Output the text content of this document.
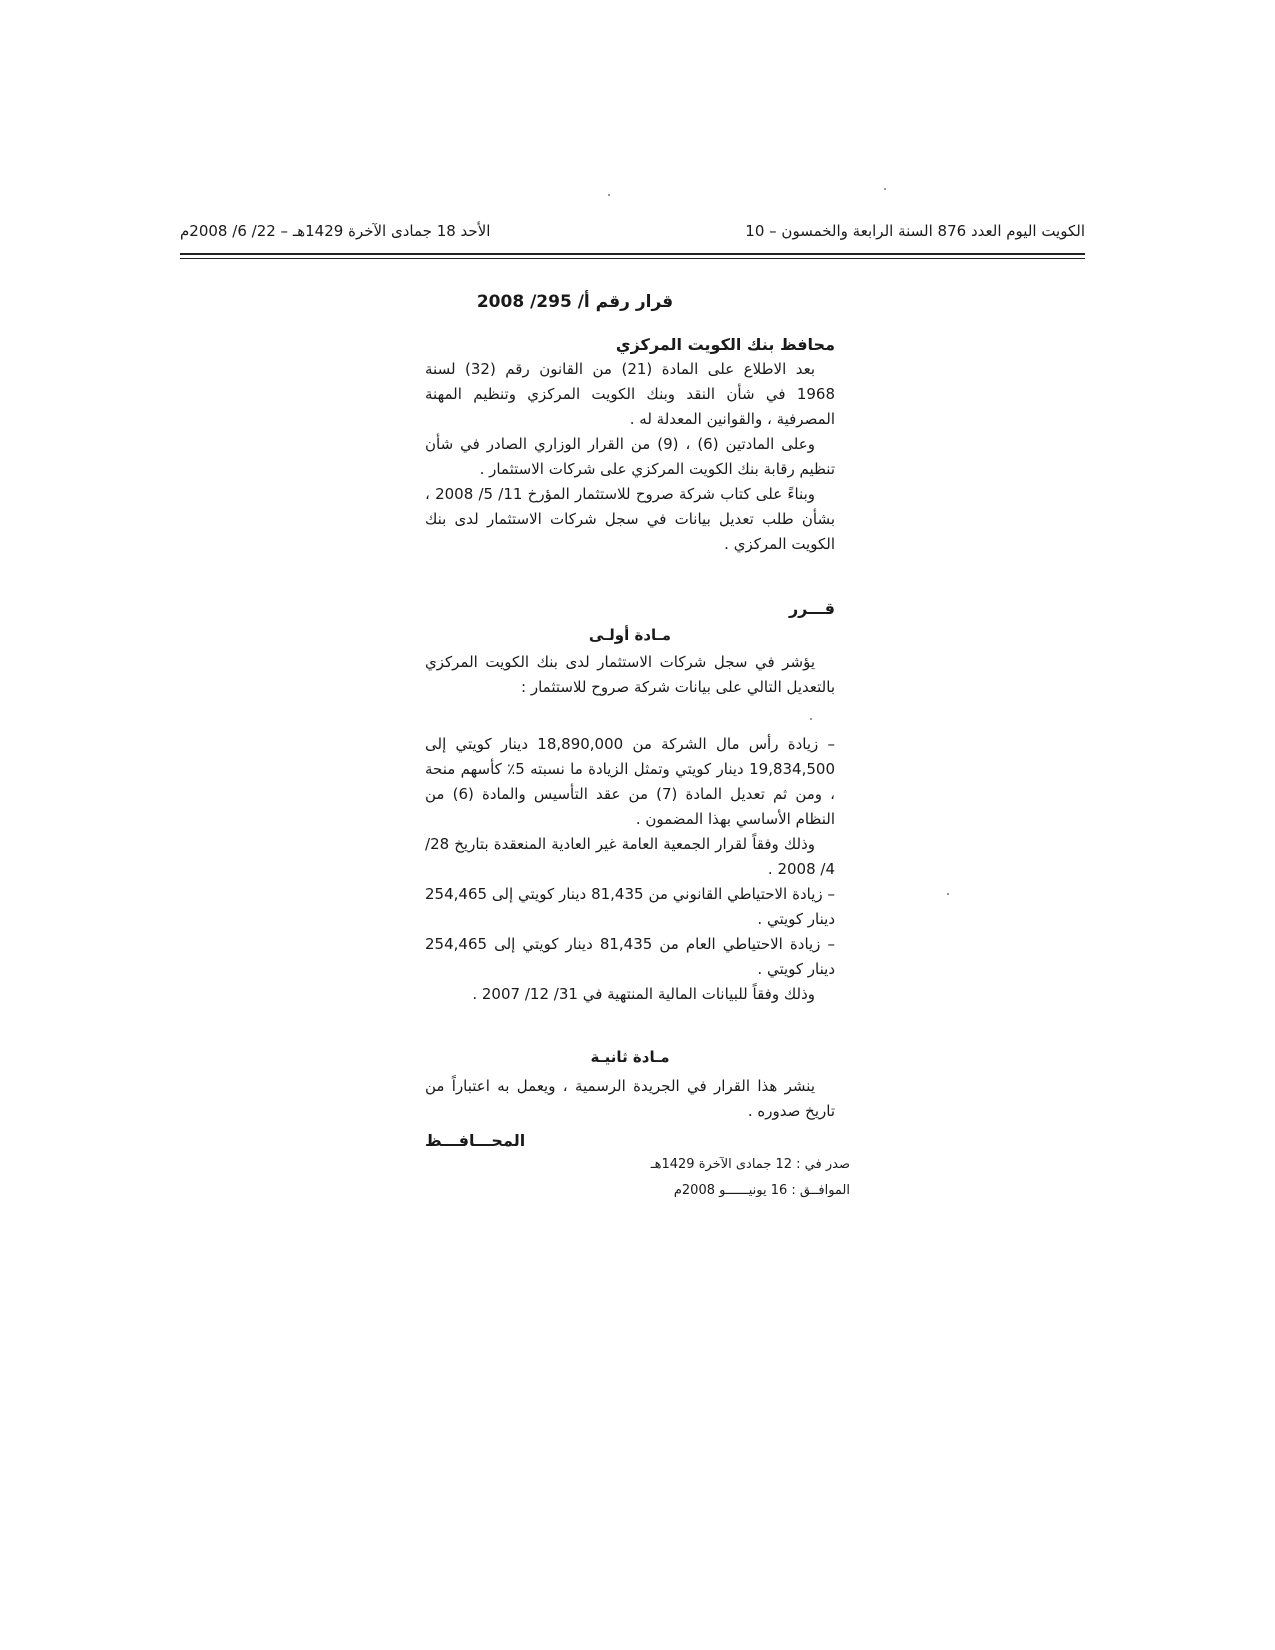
الكويت اليوم العدد 876 السنة الرابعة والخمسون – 10
الأحد 18 جمادى الآخرة 1429هـ – 22/ 6/ 2008م
قرار رقم أ/ 295/ 2008

محافظ بنك الكويت المركزي

بعد الاطلاع على المادة (21) من القانون رقم (32) لسنة 1968 في شأن النقد وبنك الكويت المركزي وتنظيم المهنة المصرفية ، والقوانين المعدلة له .

وعلى المادتين (6) ، (9) من القرار الوزاري الصادر في شأن تنظيم رقابة بنك الكويت المركزي على شركات الاستثمار .

وبناءً على كتاب شركة صروح للاستثمار المؤرخ 11/ 5/ 2008 ، بشأن طلب تعديل بيانات في سجل شركات الاستثمار لدى بنك الكويت المركزي .

قـــرر

مـادة أولـى

يؤشر في سجل شركات الاستثمار لدى بنك الكويت المركزي بالتعديل التالي على بيانات شركة صروح للاستثمار :

– زيادة رأس مال الشركة من 18,890,000 دينار كويتي إلى 19,834,500 دينار كويتي وتمثل الزيادة ما نسبته 5٪ كأسهم منحة ، ومن ثم تعديل المادة (7) من عقد التأسيس والمادة (6) من النظام الأساسي بهذا المضمون .

وذلك وفقاً لقرار الجمعية العامة غير العادية المنعقدة بتاريخ 28/ 4/ 2008 .

– زيادة الاحتياطي القانوني من 81,435 دينار كويتي إلى 254,465 دينار كويتي .

– زيادة الاحتياطي العام من 81,435 دينار كويتي إلى 254,465 دينار كويتي .

وذلك وفقاً للبيانات المالية المنتهية في 31/ 12/ 2007 .

مـادة ثانيـة

ينشر هذا القرار في الجريدة الرسمية ، ويعمل به اعتباراً من تاريخ صدوره .

المحـــافـــظ

صدر في : 12 جمادى الآخرة 1429هـ
الموافــق : 16 يونيــــــو 2008م
